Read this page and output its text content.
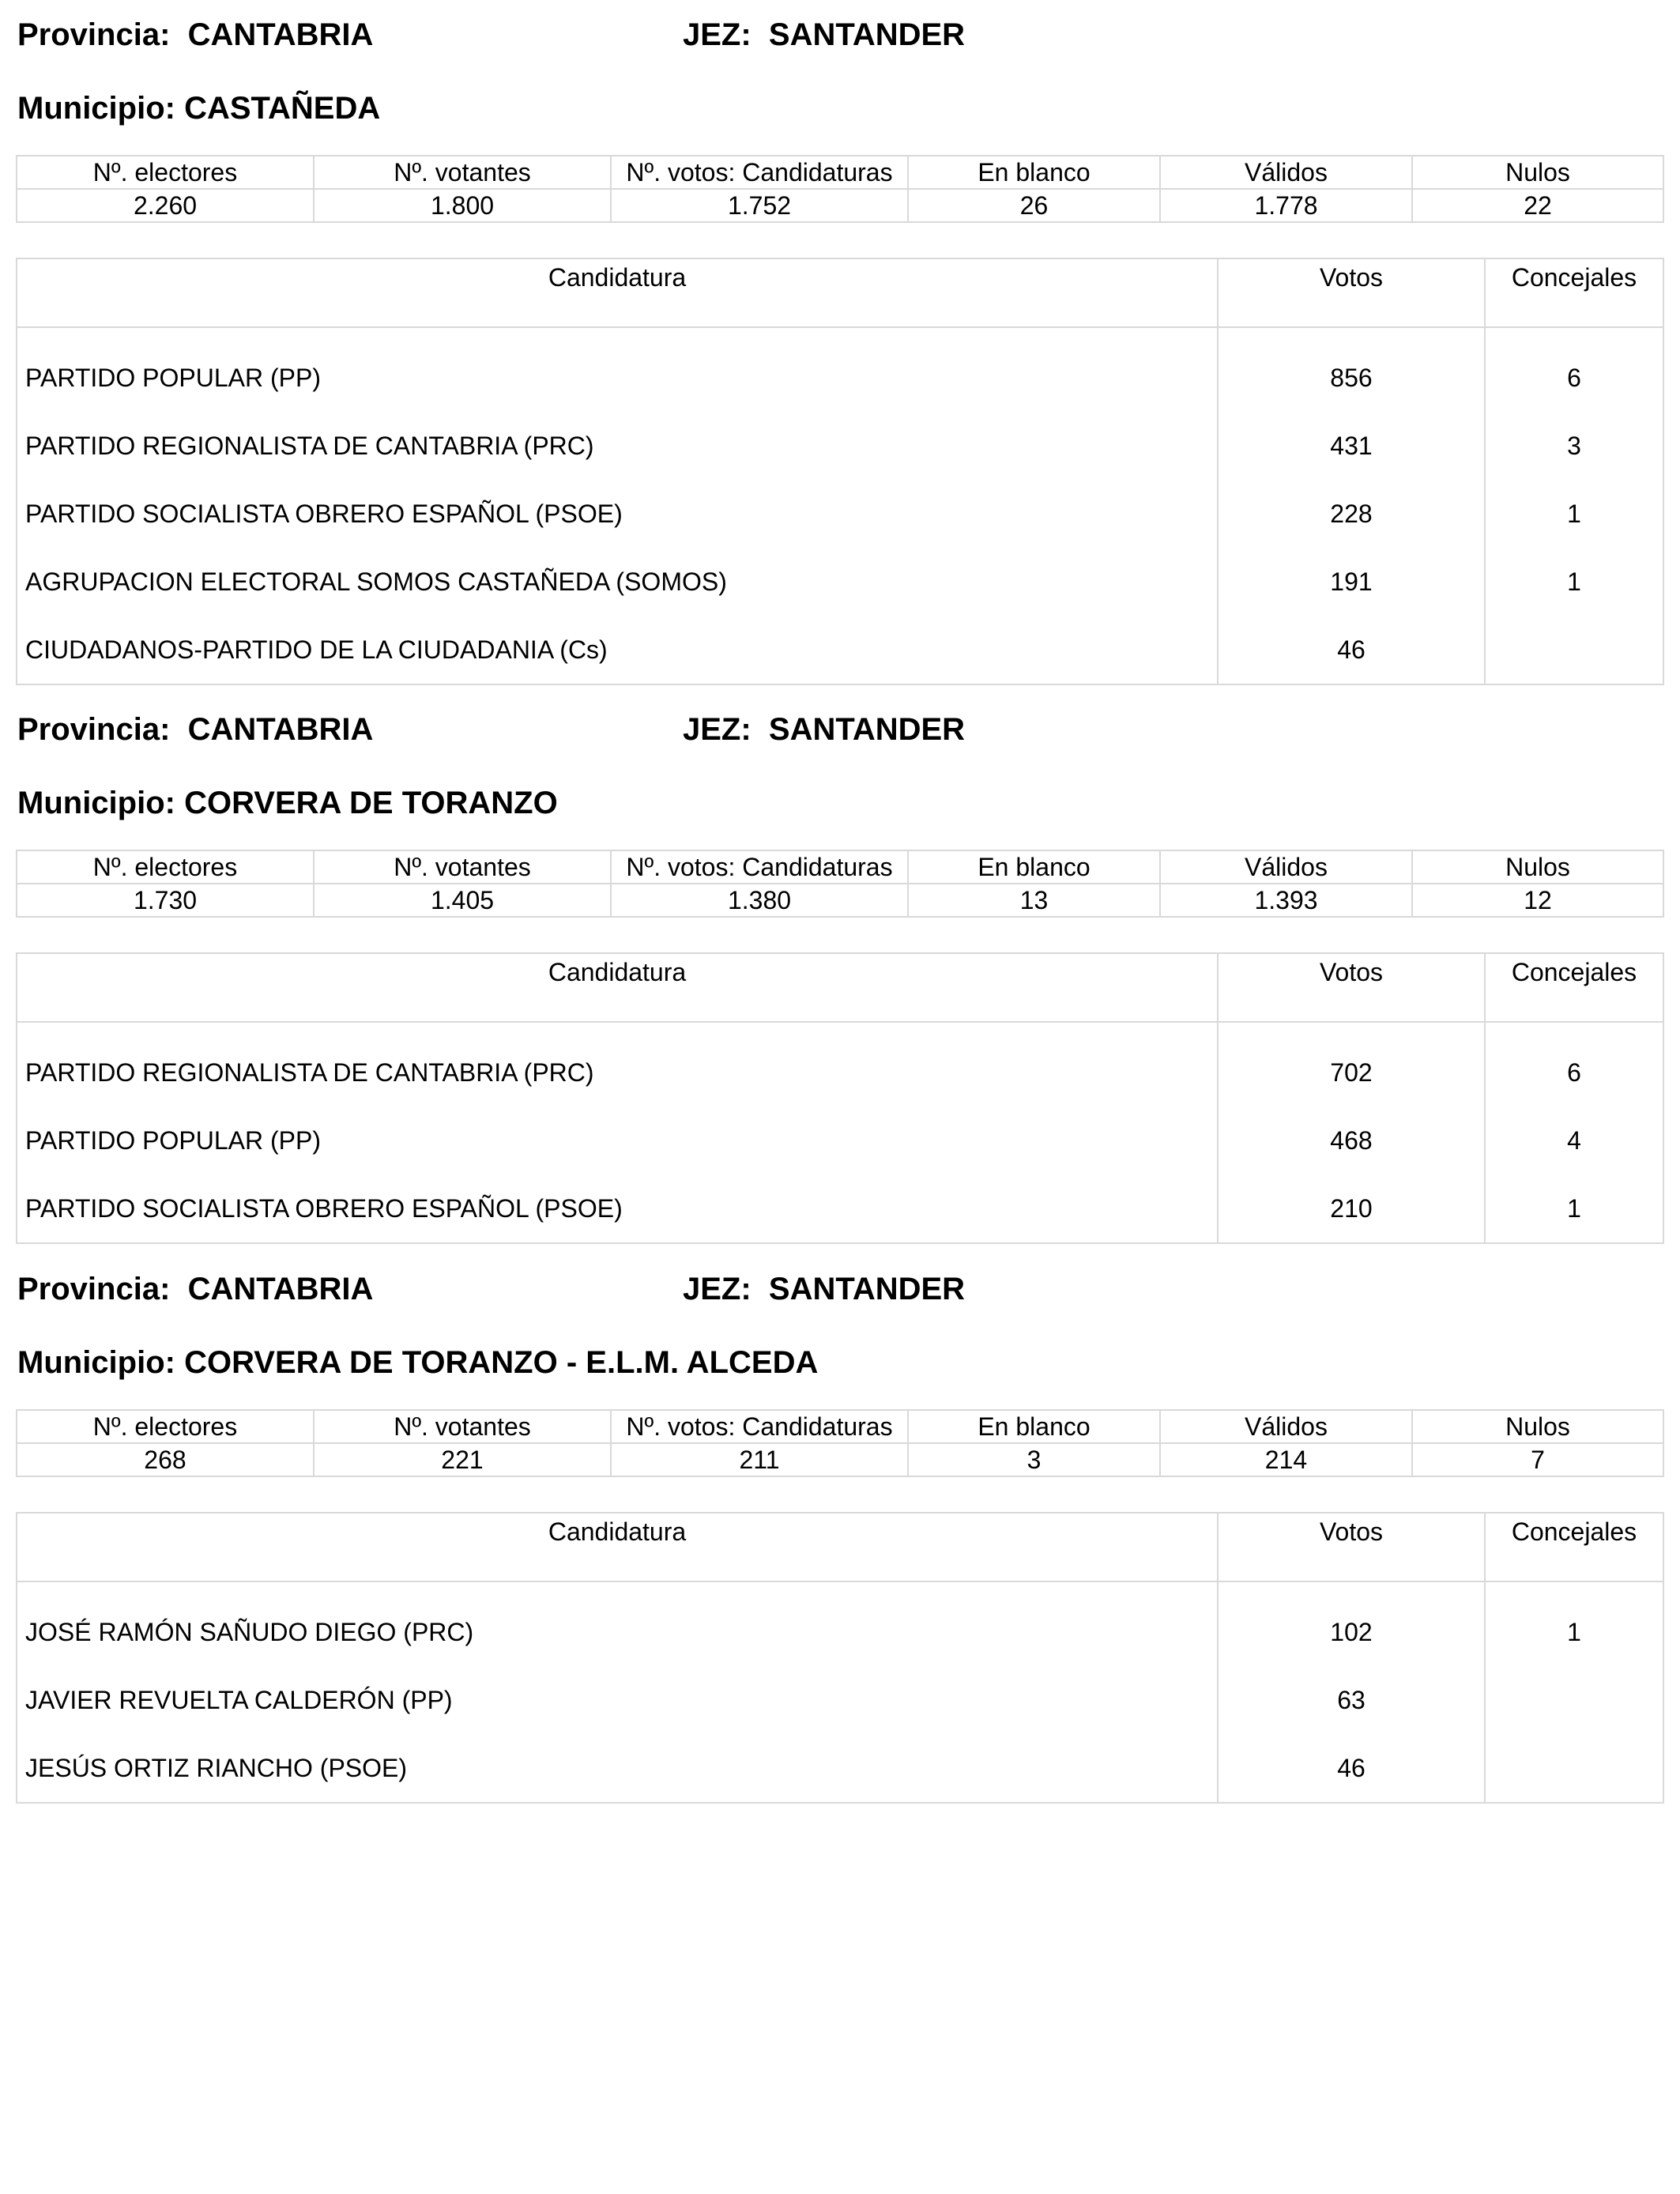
Provincia: CANTABRIA	JEZ: SANTANDER
Municipio: CASTAÑEDA
Nº. electores	Nº. votantes	Nº. votos: Candidaturas	En blanco	Válidos	Nulos
2.260	1.800	1.752	26	1.778	22
Candidatura	Votos	Concejales

PARTIDO POPULAR (PP)	856	6
PARTIDO REGIONALISTA DE CANTABRIA (PRC)	431	3
PARTIDO SOCIALISTA OBRERO ESPAÑOL (PSOE)	228	1
AGRUPACION ELECTORAL SOMOS CASTAÑEDA (SOMOS)	191	1
CIUDADANOS-PARTIDO DE LA CIUDADANIA (Cs)	46	
Provincia: CANTABRIA	JEZ: SANTANDER
Municipio: CORVERA DE TORANZO
Nº. electores	Nº. votantes	Nº. votos: Candidaturas	En blanco	Válidos	Nulos
1.730	1.405	1.380	13	1.393	12
Candidatura	Votos	Concejales

PARTIDO REGIONALISTA DE CANTABRIA (PRC)	702	6
PARTIDO POPULAR (PP)	468	4
PARTIDO SOCIALISTA OBRERO ESPAÑOL (PSOE)	210	1
Provincia: CANTABRIA	JEZ: SANTANDER
Municipio: CORVERA DE TORANZO - E.L.M. ALCEDA
Nº. electores	Nº. votantes	Nº. votos: Candidaturas	En blanco	Válidos	Nulos
268	221	211	3	214	7
Candidatura	Votos	Concejales

JOSÉ RAMÓN SAÑUDO DIEGO (PRC)	102	1
JAVIER REVUELTA CALDERÓN (PP)	63	
JESÚS ORTIZ RIANCHO (PSOE)	46	
